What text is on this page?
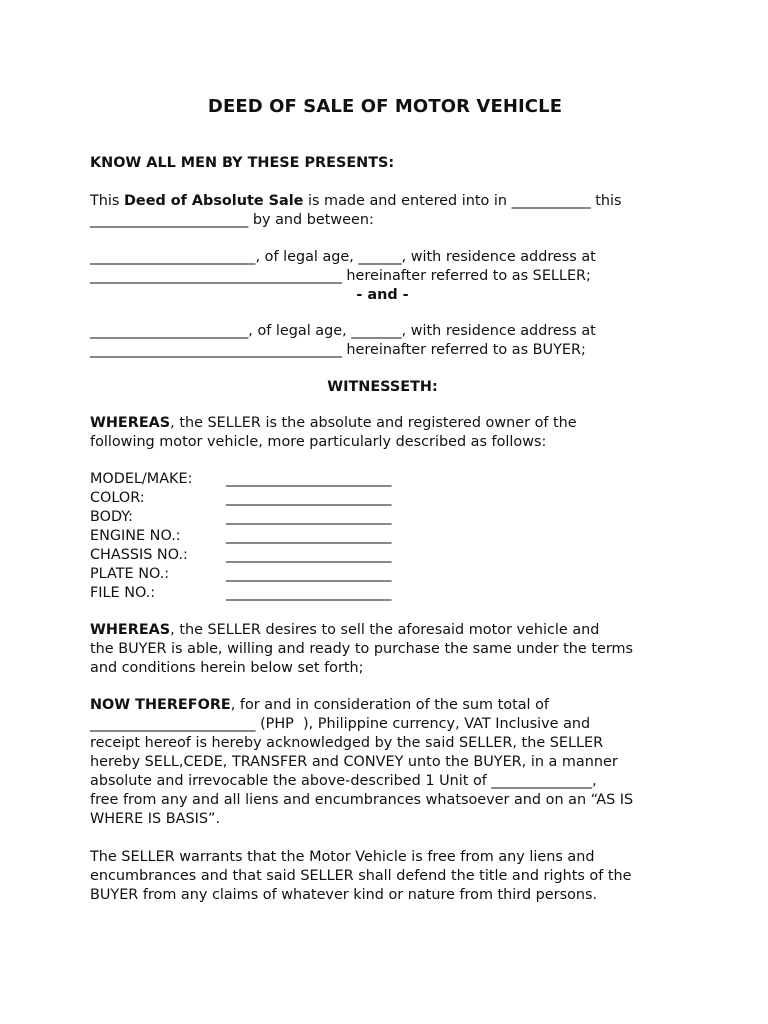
DEED OF SALE OF MOTOR VEHICLE
KNOW ALL MEN BY THESE PRESENTS:
This Deed of Absolute Sale is made and entered into in ___________ this
______________________ by and between:
_______________________, of legal age, ______, with residence address at
___________________________________ hereinafter referred to as SELLER;
- and -
______________________, of legal age, _______, with residence address at
___________________________________ hereinafter referred to as BUYER;
WITNESSETH:
WHEREAS, the SELLER is the absolute and registered owner of the
following motor vehicle, more particularly described as follows:
MODEL/MAKE: _______________________
COLOR:	_______________________
BODY:	_______________________
ENGINE NO.:	_______________________
CHASSIS NO.:	_______________________
PLATE NO.:	_______________________
FILE NO.:	_______________________
WHEREAS, the SELLER desires to sell the aforesaid motor vehicle and
the BUYER is able, willing and ready to purchase the same under the terms
and conditions herein below set forth;
NOW THEREFORE, for and in consideration of the sum total of
_______________________ (PHP  ), Philippine currency, VAT Inclusive and
receipt hereof is hereby acknowledged by the said SELLER, the SELLER
hereby SELL,CEDE, TRANSFER and CONVEY unto the BUYER, in a manner
absolute and irrevocable the above-described 1 Unit of ______________,
free from any and all liens and encumbrances whatsoever and on an “AS IS
WHERE IS BASIS”.
The SELLER warrants that the Motor Vehicle is free from any liens and
encumbrances and that said SELLER shall defend the title and rights of the
BUYER from any claims of whatever kind or nature from third persons.
